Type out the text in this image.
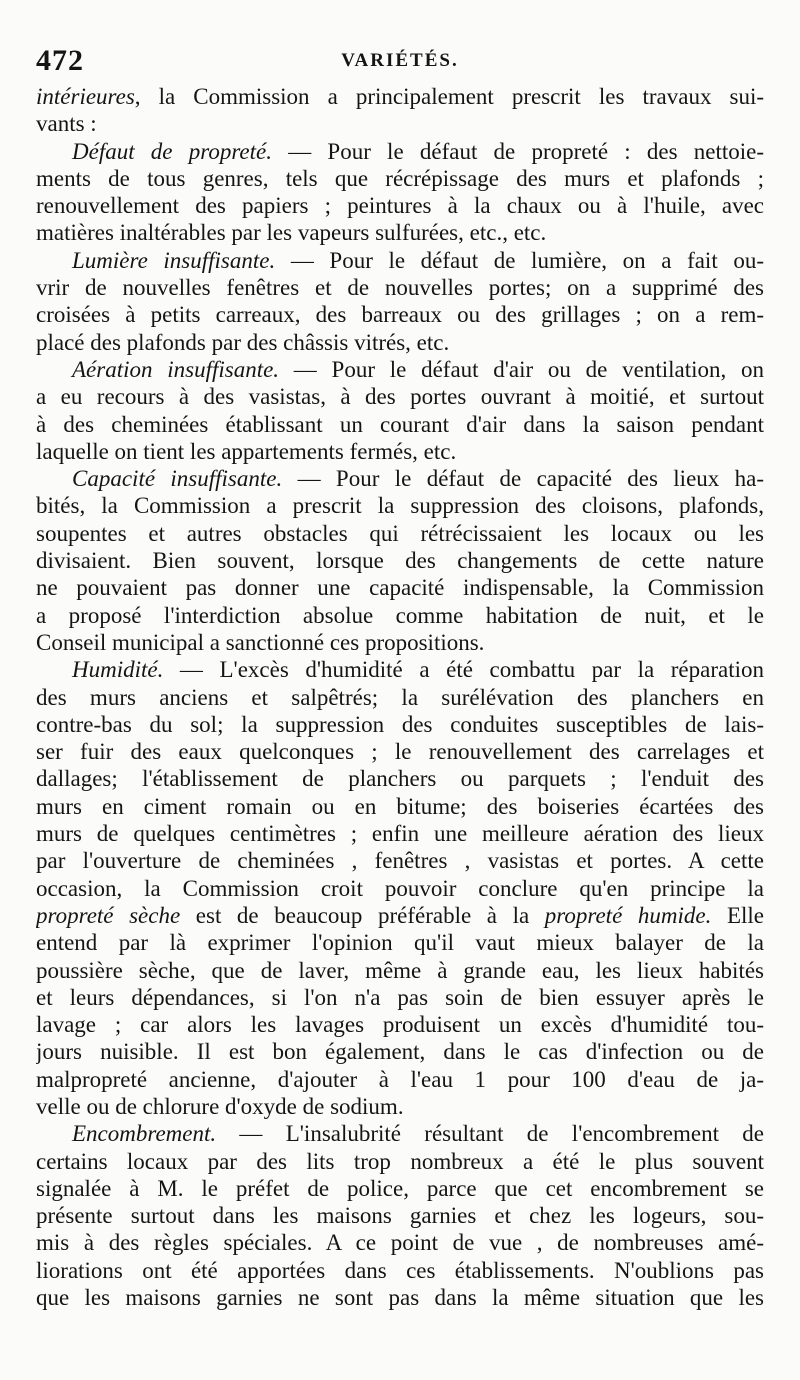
472	VARIÉTÉS.
intérieures, la Commission a principalement prescrit les travaux sui-
vants :
Défaut de propreté. — Pour le défaut de propreté : des nettoie-
ments de tous genres, tels que récrépissage des murs et plafonds ;
renouvellement des papiers ; peintures à la chaux ou à l'huile, avec
matières inaltérables par les vapeurs sulfurées, etc., etc.
Lumière insuffisante. — Pour le défaut de lumière, on a fait ou-
vrir de nouvelles fenêtres et de nouvelles portes; on a supprimé des
croisées à petits carreaux, des barreaux ou des grillages ; on a rem-
placé des plafonds par des châssis vitrés, etc.
Aération insuffisante. — Pour le défaut d'air ou de ventilation, on
a eu recours à des vasistas, à des portes ouvrant à moitié, et surtout
à des cheminées établissant un courant d'air dans la saison pendant
laquelle on tient les appartements fermés, etc.
Capacité insuffisante. — Pour le défaut de capacité des lieux ha-
bités, la Commission a prescrit la suppression des cloisons, plafonds,
soupentes et autres obstacles qui rétrécissaient les locaux ou les
divisaient. Bien souvent, lorsque des changements de cette nature
ne pouvaient pas donner une capacité indispensable, la Commission
a proposé l'interdiction absolue comme habitation de nuit, et le
Conseil municipal a sanctionné ces propositions.
Humidité. — L'excès d'humidité a été combattu par la réparation
des murs anciens et salpêtrés; la surélévation des planchers en
contre-bas du sol; la suppression des conduites susceptibles de lais-
ser fuir des eaux quelconques ; le renouvellement des carrelages et
dallages; l'établissement de planchers ou parquets ; l'enduit des
murs en ciment romain ou en bitume; des boiseries écartées des
murs de quelques centimètres ; enfin une meilleure aération des lieux
par l'ouverture de cheminées , fenêtres , vasistas et portes. A cette
occasion, la Commission croit pouvoir conclure qu'en principe la
propreté sèche est de beaucoup préférable à la propreté humide. Elle
entend par là exprimer l'opinion qu'il vaut mieux balayer de la
poussière sèche, que de laver, même à grande eau, les lieux habités
et leurs dépendances, si l'on n'a pas soin de bien essuyer après le
lavage ; car alors les lavages produisent un excès d'humidité tou-
jours nuisible. Il est bon également, dans le cas d'infection ou de
malpropreté ancienne, d'ajouter à l'eau 1 pour 100 d'eau de ja-
velle ou de chlorure d'oxyde de sodium.
Encombrement. — L'insalubrité résultant de l'encombrement de
certains locaux par des lits trop nombreux a été le plus souvent
signalée à M. le préfet de police, parce que cet encombrement se
présente surtout dans les maisons garnies et chez les logeurs, sou-
mis à des règles spéciales. A ce point de vue , de nombreuses amé-
liorations ont été apportées dans ces établissements. N'oublions pas
que les maisons garnies ne sont pas dans la même situation que les
